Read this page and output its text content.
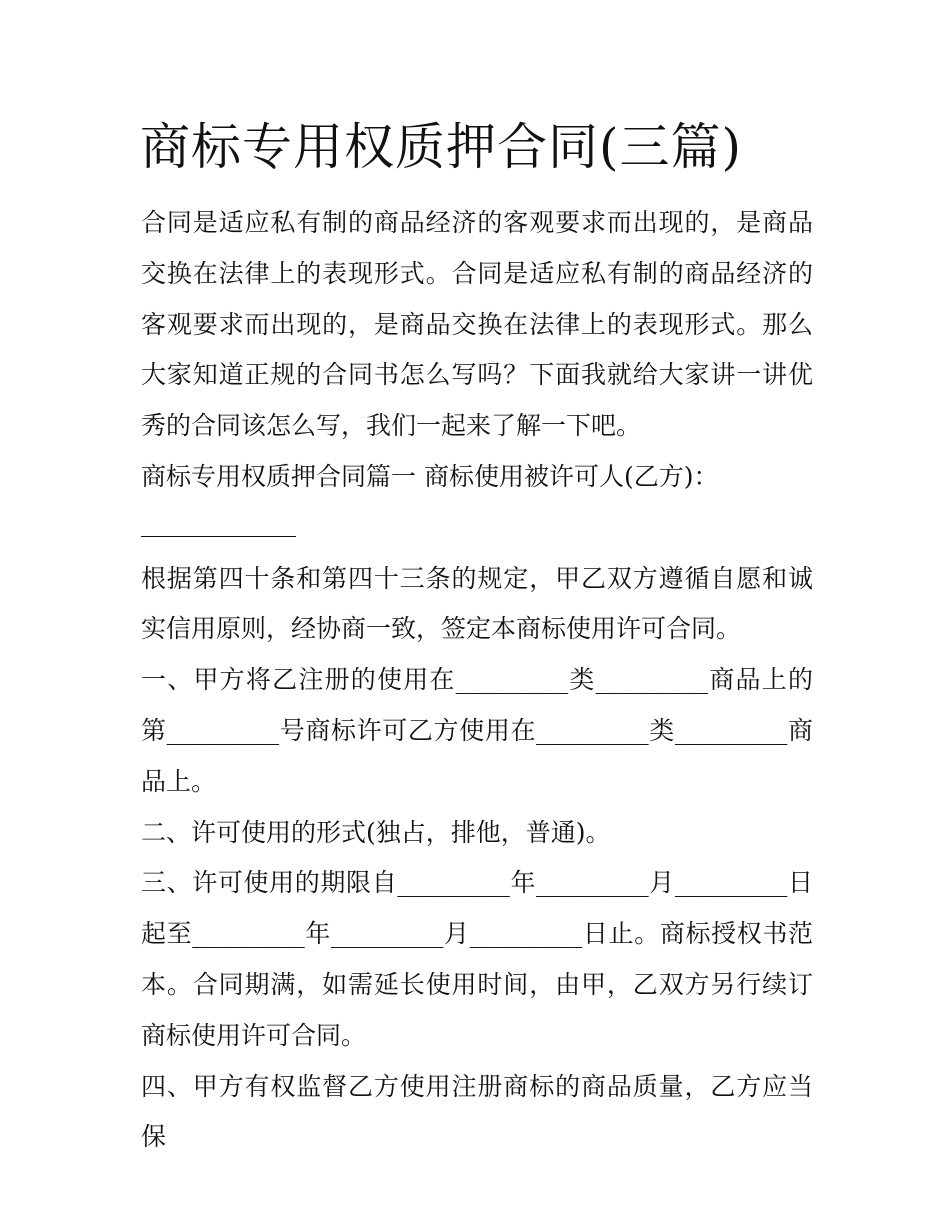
商标专用权质押合同(三篇)

合同是适应私有制的商品经济的客观要求而出现的，是商品交换在法律上的表现形式。合同是适应私有制的商品经济的客观要求而出现的，是商品交换在法律上的表现形式。那么大家知道正规的合同书怎么写吗？下面我就给大家讲一讲优秀的合同该怎么写，我们一起来了解一下吧。

商标专用权质押合同篇一 商标使用被许可人(乙方)：

根据第四十条和第四十三条的规定，甲乙双方遵循自愿和诚实信用原则，经协商一致，签定本商标使用许可合同。

一、甲方将乙注册的使用在_________类_________商品上的第_________号商标许可乙方使用在_________类_________商品上。

二、许可使用的形式(独占，排他，普通)。

三、许可使用的期限自_________年_________月_________日起至_________年_________月_________日止。商标授权书范本。合同期满，如需延长使用时间，由甲，乙双方另行续订商标使用许可合同。

四、甲方有权监督乙方使用注册商标的商品质量，乙方应当保
